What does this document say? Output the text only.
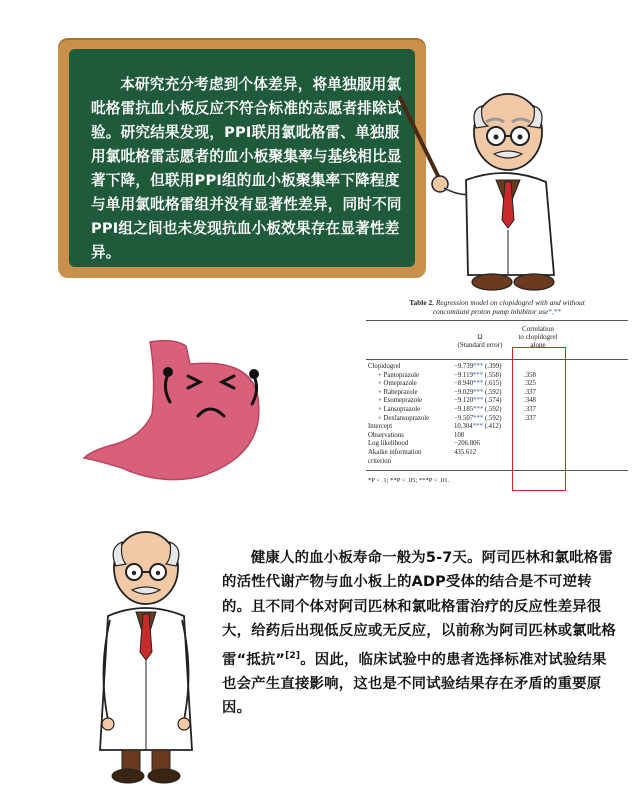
本研究充分考虑到个体差异，将单独服用氯吡格雷抗血小板反应不符合标准的志愿者排除试验。研究结果发现，PPI联用氯吡格雷、单独服用氯吡格雷志愿者的血小板聚集率与基线相比显著下降，但联用PPI组的血小板聚集率下降程度与单用氯吡格雷组并没有显著性差异，同时不同PPI组之间也未发现抗血小板效果存在显著性差异。

Table 2. Regression model on clopidogrel with and without
concomitant proton pump inhibitor use*,**

Ω
(Standard error)
Correlation
to clopidogrel
alone
Clopidogrel	−9.739*** (.399)
+ Pantoprazole	−9.119*** (.558)	.358
+ Omeprazole	−8.940*** (.615)	.325
+ Rabeprazole	−9.029*** (.592)	.337
+ Esomeprazole	−9.120*** (.574)	.348
+ Lansoprazole	−9.185*** (.592)	.337
+ Dexlansoprazole	−9.507*** (.592)	.337
Intercept	10.304*** (.412)
Observations	108
Log likelihood	−206.806
Akaike information	435.612
criterion
*P < .1; **P < .05; ***P < .01.

健康人的血小板寿命一般为5-7天。阿司匹林和氯吡格雷的活性代谢产物与血小板上的ADP受体的结合是不可逆转的。且不同个体对阿司匹林和氯吡格雷治疗的反应性差异很大，给药后出现低反应或无反应，以前称为阿司匹林或氯吡格雷“抵抗”[2]。因此，临床试验中的患者选择标准对试验结果也会产生直接影响，这也是不同试验结果存在矛盾的重要原因。
